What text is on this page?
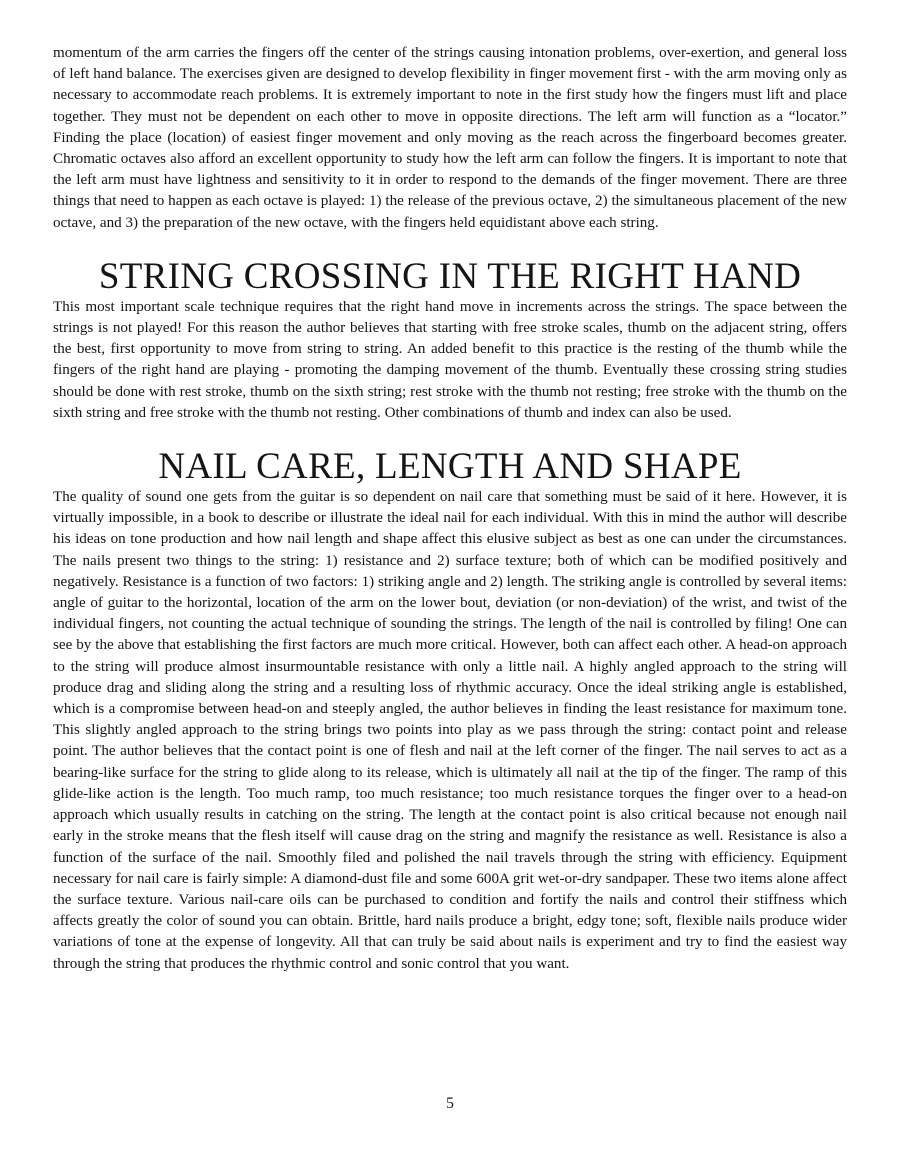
momentum of the arm carries the fingers off the center of the strings causing intonation problems, over-exertion, and general loss of left hand balance. The exercises given are designed to develop flexibility in finger movement first - with the arm moving only as necessary to accommodate reach problems. It is extremely important to note in the first study how the fingers must lift and place together. They must not be dependent on each other to move in opposite directions. The left arm will function as a “locator.” Finding the place (location) of easiest finger movement and only moving as the reach across the fingerboard becomes greater. Chromatic octaves also afford an excellent opportunity to study how the left arm can follow the fingers. It is important to note that the left arm must have lightness and sensitivity to it in order to respond to the demands of the finger movement. There are three things that need to happen as each octave is played: 1) the release of the previous octave, 2) the simultaneous placement of the new octave, and 3) the preparation of the new octave, with the fingers held equidistant above each string.

STRING CROSSING IN THE RIGHT HAND

This most important scale technique requires that the right hand move in increments across the strings. The space between the strings is not played! For this reason the author believes that starting with free stroke scales, thumb on the adjacent string, offers the best, first opportunity to move from string to string. An added benefit to this practice is the resting of the thumb while the fingers of the right hand are playing - promoting the damping movement of the thumb. Eventually these crossing string studies should be done with rest stroke, thumb on the sixth string; rest stroke with the thumb not resting; free stroke with the thumb on the sixth string and free stroke with the thumb not resting. Other combinations of thumb and index can also be used.

NAIL CARE, LENGTH AND SHAPE

The quality of sound one gets from the guitar is so dependent on nail care that something must be said of it here. However, it is virtually impossible, in a book to describe or illustrate the ideal nail for each individual. With this in mind the author will describe his ideas on tone production and how nail length and shape affect this elusive subject as best as one can under the circumstances. The nails present two things to the string: 1) resistance and 2) surface texture; both of which can be modified positively and negatively. Resistance is a function of two factors: 1) striking angle and 2) length. The striking angle is controlled by several items: angle of guitar to the horizontal, location of the arm on the lower bout, deviation (or non-deviation) of the wrist, and twist of the individual fingers, not counting the actual technique of sounding the strings. The length of the nail is controlled by filing! One can see by the above that establishing the first factors are much more critical. However, both can affect each other. A head-on approach to the string will produce almost insurmountable resistance with only a little nail. A highly angled approach to the string will produce drag and sliding along the string and a resulting loss of rhythmic accuracy. Once the ideal striking angle is established, which is a compromise between head-on and steeply angled, the author believes in finding the least resistance for maximum tone. This slightly angled approach to the string brings two points into play as we pass through the string: contact point and release point. The author believes that the contact point is one of flesh and nail at the left corner of the finger. The nail serves to act as a bearing-like surface for the string to glide along to its release, which is ultimately all nail at the tip of the finger. The ramp of this glide-like action is the length. Too much ramp, too much resistance; too much resistance torques the finger over to a head-on approach which usually results in catching on the string. The length at the contact point is also critical because not enough nail early in the stroke means that the flesh itself will cause drag on the string and magnify the resistance as well. Resistance is also a function of the surface of the nail. Smoothly filed and polished the nail travels through the string with efficiency. Equipment necessary for nail care is fairly simple: A diamond-dust file and some 600A grit wet-or-dry sandpaper. These two items alone affect the surface texture. Various nail-care oils can be purchased to condition and fortify the nails and control their stiffness which affects greatly the color of sound you can obtain. Brittle, hard nails produce a bright, edgy tone; soft, flexible nails produce wider variations of tone at the expense of longevity. All that can truly be said about nails is experiment and try to find the easiest way through the string that produces the rhythmic control and sonic control that you want.

5
